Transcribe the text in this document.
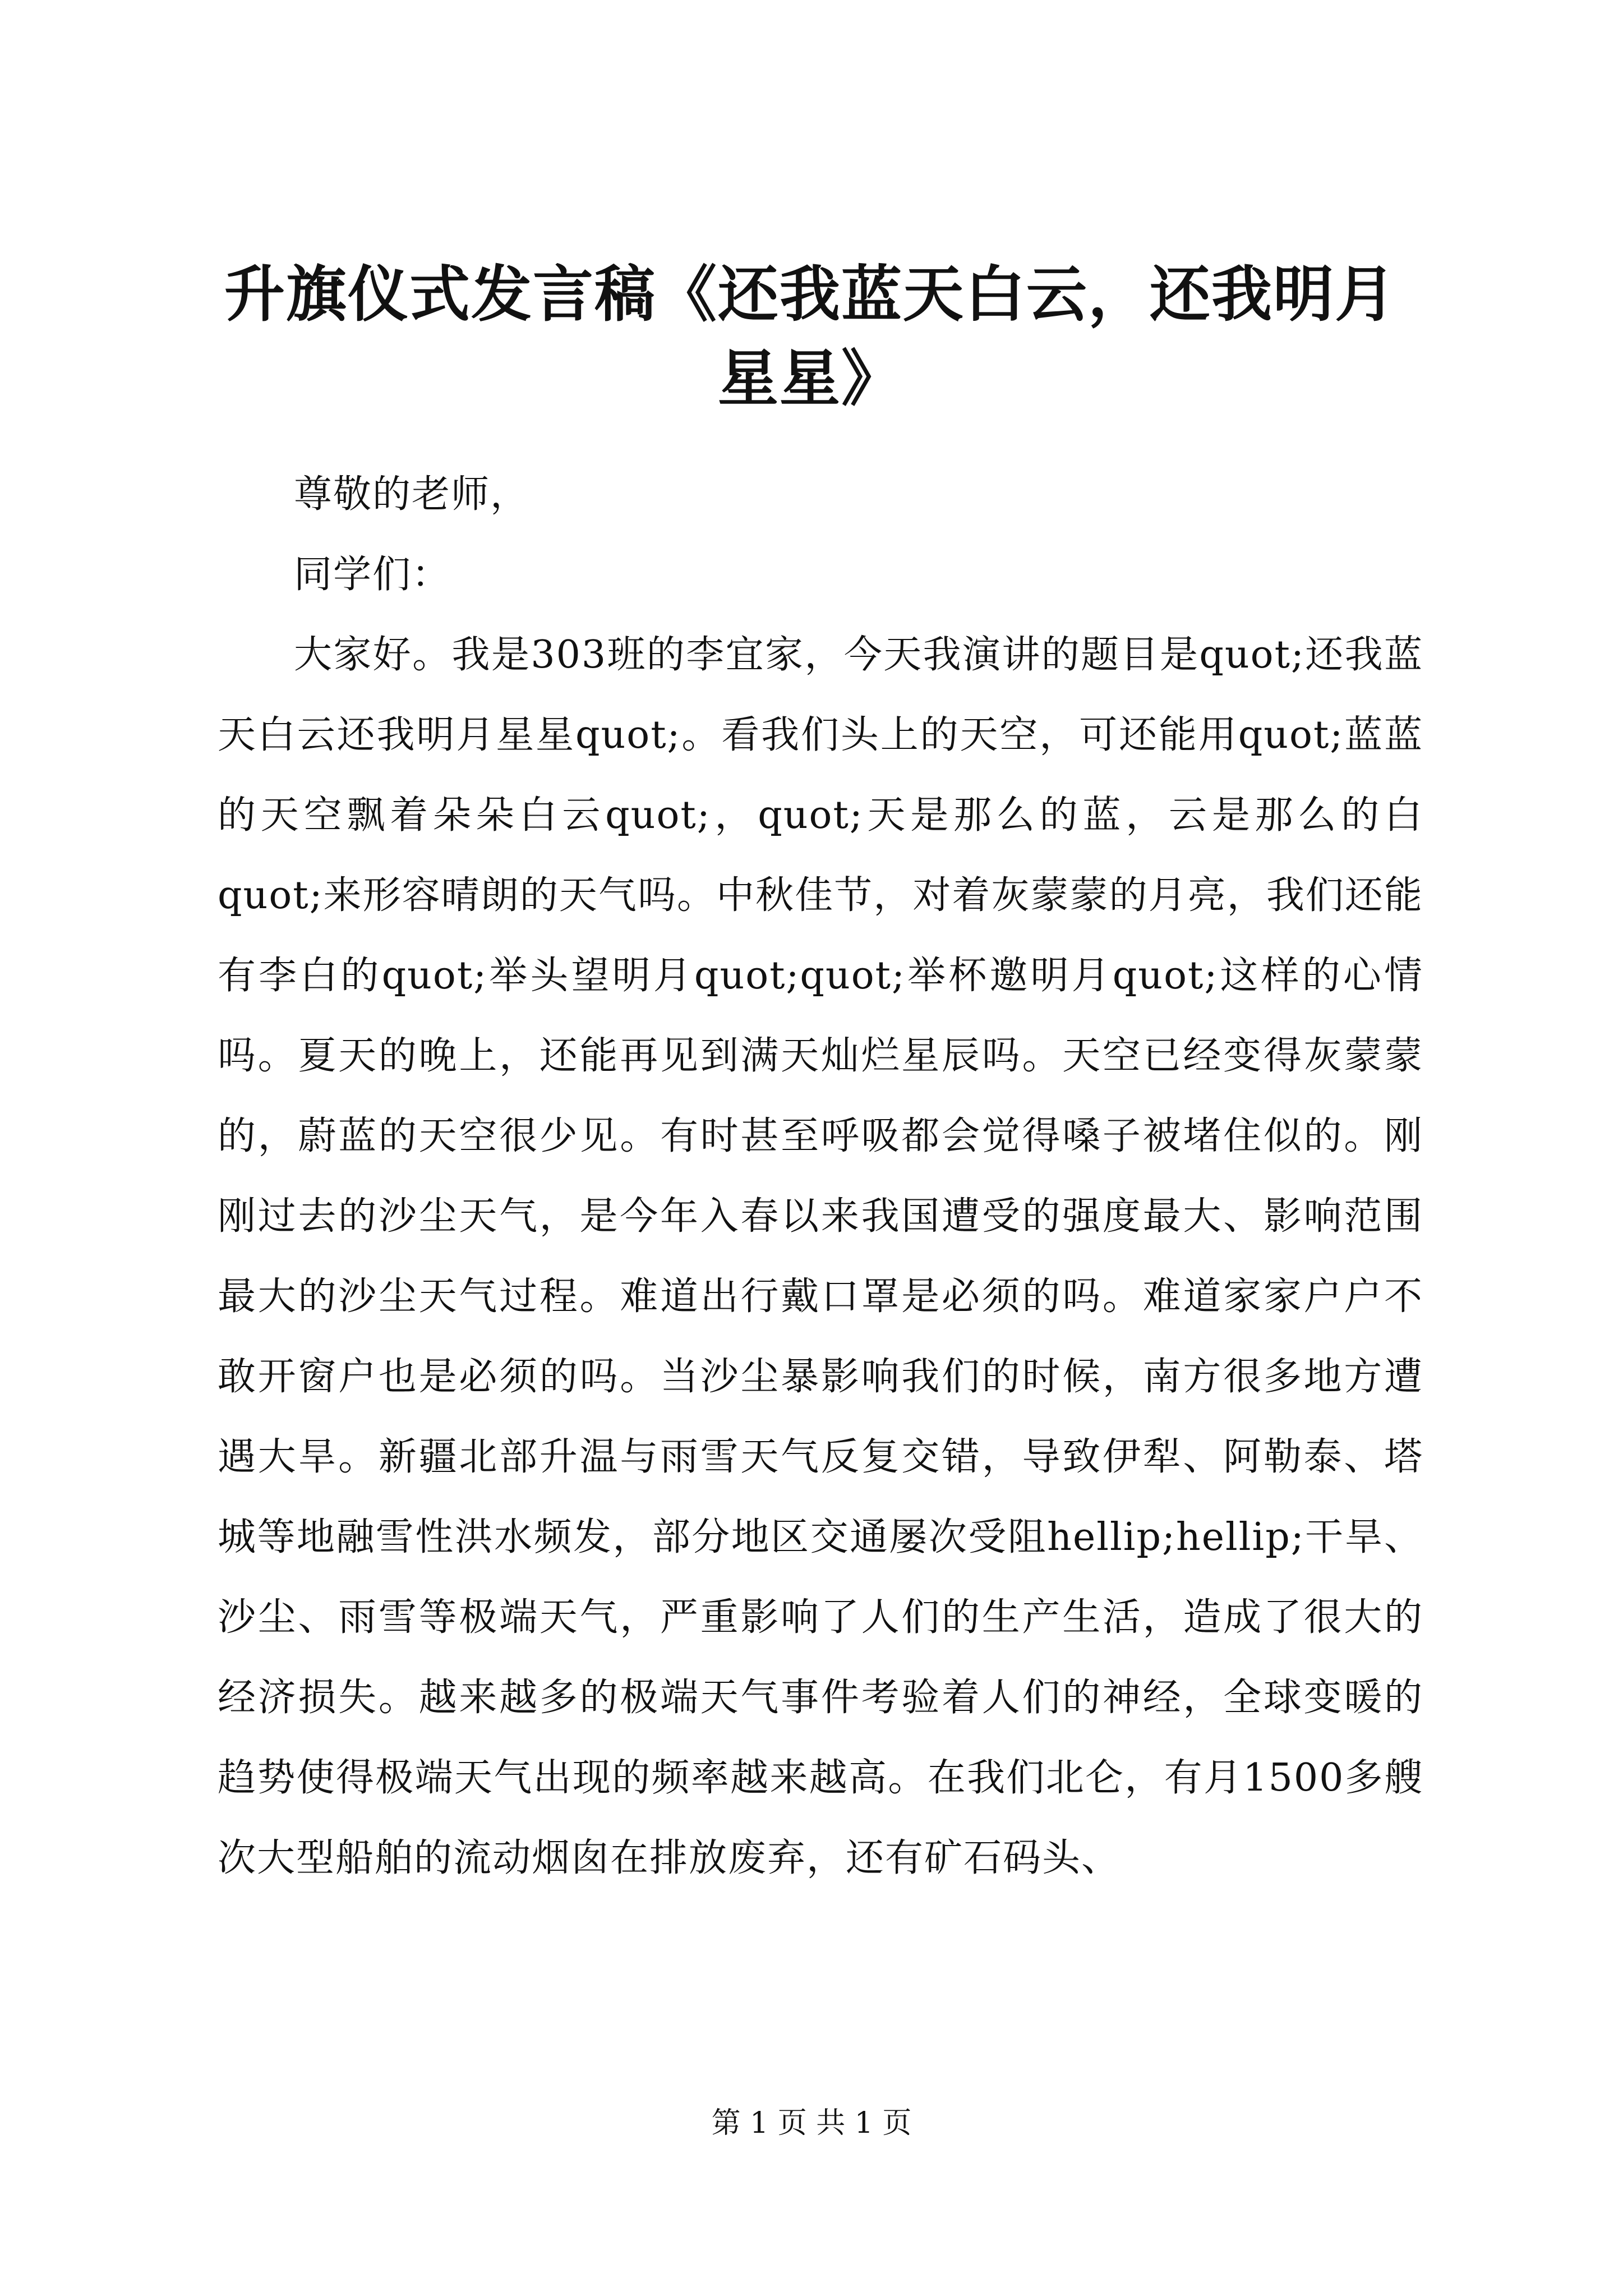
升旗仪式发言稿《还我蓝天白云，还我明月星星》

尊敬的老师，

同学们：

大家好。我是303班的李宜家，今天我演讲的题目是quot;还我蓝天白云还我明月星星quot;。看我们头上的天空，可还能用quot;蓝蓝的天空飘着朵朵白云quot;，quot;天是那么的蓝，云是那么的白quot;来形容晴朗的天气吗。中秋佳节，对着灰蒙蒙的月亮，我们还能有李白的quot;举头望明月quot;quot;举杯邀明月quot;这样的心情吗。夏天的晚上，还能再见到满天灿烂星辰吗。天空已经变得灰蒙蒙的，蔚蓝的天空很少见。有时甚至呼吸都会觉得嗓子被堵住似的。刚刚过去的沙尘天气，是今年入春以来我国遭受的强度最大、影响范围最大的沙尘天气过程。难道出行戴口罩是必须的吗。难道家家户户不敢开窗户也是必须的吗。当沙尘暴影响我们的时候，南方很多地方遭遇大旱。新疆北部升温与雨雪天气反复交错，导致伊犁、阿勒泰、塔城等地融雪性洪水频发，部分地区交通屡次受阻hellip;hellip;干旱、沙尘、雨雪等极端天气，严重影响了人们的生产生活，造成了很大的经济损失。越来越多的极端天气事件考验着人们的神经，全球变暖的趋势使得极端天气出现的频率越来越高。在我们北仑，有月1500多艘次大型船舶的流动烟囱在排放废弃，还有矿石码头、

第 1 页 共 1 页
